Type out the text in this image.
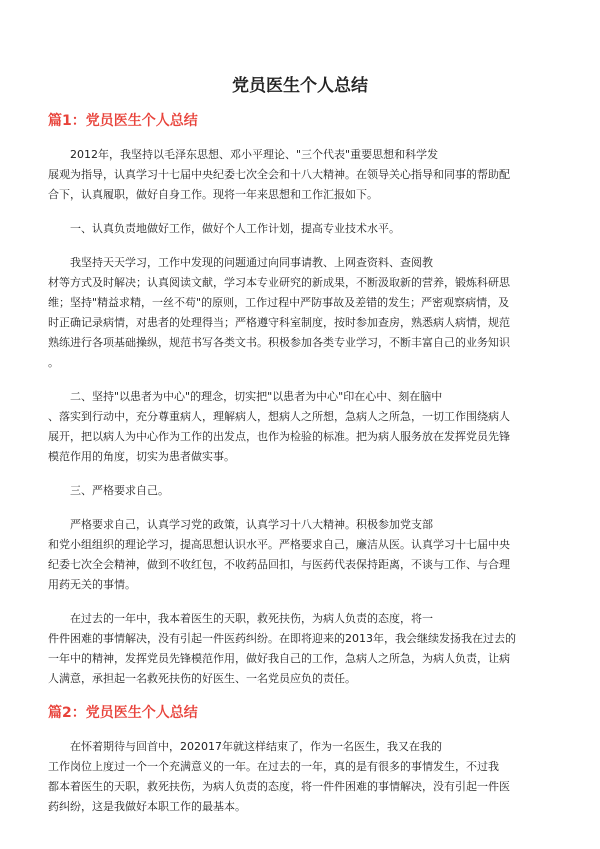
党员医生个人总结
篇1：党员医生个人总结
2012年，我坚持以毛泽东思想、邓小平理论、"三个代表"重要思想和科学发
展观为指导，认真学习十七届中央纪委七次全会和十八大精神。在领导关心指导和同事的帮助配
合下，认真履职，做好自身工作。现将一年来思想和工作汇报如下。
一、认真负责地做好工作，做好个人工作计划，提高专业技术水平。
我坚持天天学习，工作中发现的问题通过向同事请教、上网查资料、查阅教
材等方式及时解决；认真阅读文献，学习本专业研究的新成果，不断汲取新的营养，锻炼科研思
维；坚持"精益求精，一丝不苟"的原则，工作过程中严防事故及差错的发生；严密观察病情，及
时正确记录病情，对患者的处理得当；严格遵守科室制度，按时参加查房，熟悉病人病情，规范
熟练进行各项基础操纵，规范书写各类文书。积极参加各类专业学习，不断丰富自己的业务知识
。
二、坚持"以患者为中心"的理念，切实把"以患者为中心"印在心中、刻在脑中
、落实到行动中，充分尊重病人，理解病人，想病人之所想，急病人之所急，一切工作围绕病人
展开，把以病人为中心作为工作的出发点，也作为检验的标准。把为病人服务放在发挥党员先锋
模范作用的角度，切实为患者做实事。
三、严格要求自己。
严格要求自己，认真学习党的政策，认真学习十八大精神。积极参加党支部
和党小组组织的理论学习，提高思想认识水平。严格要求自己，廉洁从医。认真学习十七届中央
纪委七次全会精神，做到不收红包，不收药品回扣，与医药代表保持距离，不谈与工作、与合理
用药无关的事情。
在过去的一年中，我本着医生的天职，救死扶伤，为病人负责的态度，将一
件件困难的事情解决，没有引起一件医药纠纷。在即将迎来的2013年，我会继续发扬我在过去的
一年中的精神，发挥党员先锋模范作用，做好我自己的工作，急病人之所急，为病人负责，让病
人满意，承担起一名救死扶伤的好医生、一名党员应负的责任。
篇2：党员医生个人总结
在怀着期待与回首中，202017年就这样结束了，作为一名医生，我又在我的
工作岗位上度过一个一个充满意义的一年。在过去的一年，真的是有很多的事情发生，不过我
都本着医生的天职，救死扶伤，为病人负责的态度，将一件件困难的事情解决，没有引起一件医
药纠纷，这是我做好本职工作的最基本。
